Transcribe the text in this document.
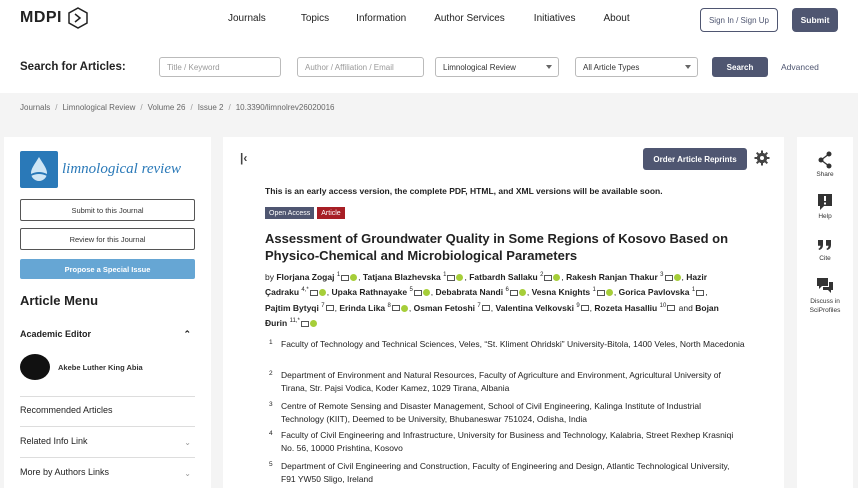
MDPI	Journals	Topics	Information	Author Services	Initiatives	About	Sign In / Sign Up	Submit
Search for Articles:	Title / Keyword	Author / Affiliation / Email	Limnological Review	All Article Types	Search	Advanced
Journals / Limnological Review / Volume 26 / Issue 2 / 10.3390/limnolrev26020016
limnological review
Submit to this Journal
Review for this Journal
Propose a Special Issue
Article Menu
Academic Editor	⌃
Akebe Luther King Abia
Recommended Articles
Related Info Link	⌄
More by Authors Links	⌄
|‹	Order Article Reprints
This is an early access version, the complete PDF, HTML, and XML versions will be available soon.
Open Access	Article
Assessment of Groundwater Quality in Some Regions of Kosovo Based on Physico-Chemical and Microbiological Parameters
by Florjana Zogaj $^1$ , Tatjana Blazhevska $^1$ , Fatbardh Sallaku $^2$ , Rakesh Ranjan Thakur $^3$ , Hazir Çadraku $^{4,*}$ , Upaka Rathnayake $^5$ , Debabrata Nandi $^6$ , Vesna Knights $^1$ , Gorica Pavlovska $^1$ , Pajtim Bytyqi $^7$ , Erinda Lika $^8$ , Osman Fetoshi $^7$ , Valentina Velkovski $^9$ , Rozeta Hasalliu $^{10}$ and Bojan Ðurin $^{11,*}$
1 Faculty of Technology and Technical Sciences, Veles, “St. Kliment Ohridski” University-Bitola, 1400 Veles, North Macedonia
2 Department of Environment and Natural Resources, Faculty of Agriculture and Environment, Agricultural University of Tirana, Str. Pajsi Vodica, Koder Kamez, 1029 Tirana, Albania
3 Centre of Remote Sensing and Disaster Management, School of Civil Engineering, Kalinga Institute of Industrial Technology (KIIT), Deemed to be University, Bhubaneswar 751024, Odisha, India
4 Faculty of Civil Engineering and Infrastructure, University for Business and Technology, Kalabria, Street Rexhep Krasniqi No. 56, 10000 Prishtina, Kosovo
5 Department of Civil Engineering and Construction, Faculty of Engineering and Design, Atlantic Technological University, F91 YW50 Sligo, Ireland
Share
Help
Cite
Discuss in
SciProfiles
